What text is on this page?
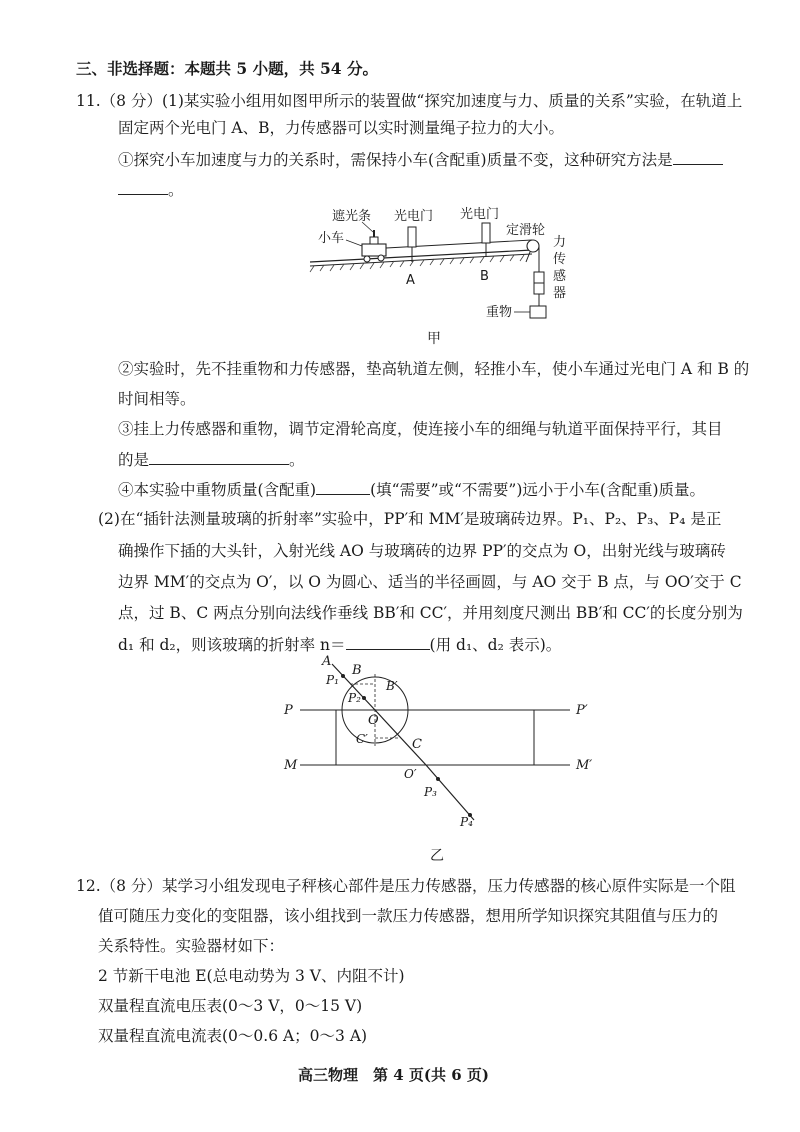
三、非选择题：本题共 5 小题，共 54 分。
11.（8 分）(1)某实验小组用如图甲所示的装置做“探究加速度与力、质量的关系”实验，在轨道上
固定两个光电门 A、B，力传感器可以实时测量绳子拉力的大小。
①探究小车加速度与力的关系时，需保持小车(含配重)质量不变，这种研究方法是
。
遮光条 光电门 光电门
小车
定滑轮
A	B
重物
力传感器
甲
②实验时，先不挂重物和力传感器，垫高轨道左侧，轻推小车，使小车通过光电门 A 和 B 的
时间相等。
③挂上力传感器和重物，调节定滑轮高度，使连接小车的细绳与轨道平面保持平行，其目
的是	。
④本实验中重物质量(含配重)	(填“需要”或“不需要”)远小于小车(含配重)质量。
(2)在“插针法测量玻璃的折射率”实验中，PP′和 MM′是玻璃砖边界。P₁、P₂、P₃、P₄ 是正
确操作下插的大头针，入射光线 AO 与玻璃砖的边界 PP′的交点为 O，出射光线与玻璃砖
边界 MM′的交点为 O′，以 O 为圆心、适当的半径画圆，与 AO 交于 B 点，与 OO′交于 C
点，过 B、C 两点分别向法线作垂线 BB′和 CC′，并用刻度尺测出 BB′和 CC′的长度分别为
d₁ 和 d₂，则该玻璃的折射率 n＝	(用 d₁、d₂ 表示)。
A
B
P₁	B′
P₂
P	P′
O
C′	C
M	M′
O′
P₃
P₄
乙
12.（8 分）某学习小组发现电子秤核心部件是压力传感器，压力传感器的核心原件实际是一个阻
值可随压力变化的变阻器，该小组找到一款压力传感器，想用所学知识探究其阻值与压力的
关系特性。实验器材如下：
2 节新干电池 E(总电动势为 3 V、内阻不计)
双量程直流电压表(0～3 V，0～15 V)
双量程直流电流表(0～0.6 A；0～3 A)
高三物理　第 4 页(共 6 页)
